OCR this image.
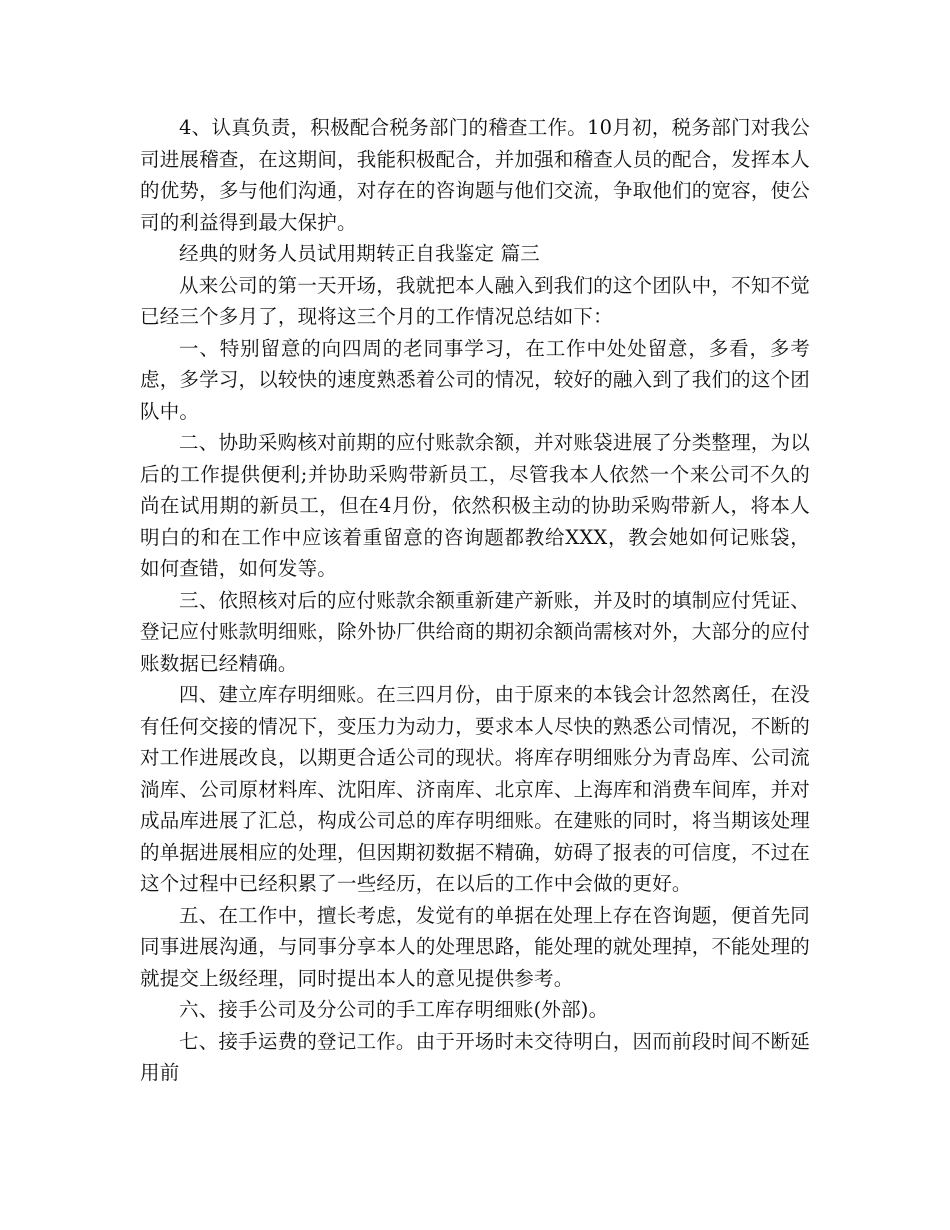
4、认真负责，积极配合税务部门的稽查工作。10月初，税务部门对我公司进展稽查，在这期间，我能积极配合，并加强和稽查人员的配合，发挥本人的优势，多与他们沟通，对存在的咨询题与他们交流，争取他们的宽容，使公司的利益得到最大保护。

经典的财务人员试用期转正自我鉴定 篇三

从来公司的第一天开场，我就把本人融入到我们的这个团队中，不知不觉已经三个多月了，现将这三个月的工作情况总结如下：

一、特别留意的向四周的老同事学习，在工作中处处留意，多看，多考虑，多学习，以较快的速度熟悉着公司的情况，较好的融入到了我们的这个团队中。

二、协助采购核对前期的应付账款余额，并对账袋进展了分类整理，为以后的工作提供便利;并协助采购带新员工，尽管我本人依然一个来公司不久的尚在试用期的新员工，但在4月份，依然积极主动的协助采购带新人，将本人明白的和在工作中应该着重留意的咨询题都教给XXX，教会她如何记账袋，如何查错，如何发等。

三、依照核对后的应付账款余额重新建产新账，并及时的填制应付凭证、登记应付账款明细账，除外协厂供给商的期初余额尚需核对外，大部分的应付账数据已经精确。

四、建立库存明细账。在三四月份，由于原来的本钱会计忽然离任，在没有任何交接的情况下，变压力为动力，要求本人尽快的熟悉公司情况，不断的对工作进展改良，以期更合适公司的现状。将库存明细账分为青岛库、公司流淌库、公司原材料库、沈阳库、济南库、北京库、上海库和消费车间库，并对成品库进展了汇总，构成公司总的库存明细账。在建账的同时，将当期该处理的单据进展相应的处理，但因期初数据不精确，妨碍了报表的可信度，不过在这个过程中已经积累了一些经历，在以后的工作中会做的更好。

五、在工作中，擅长考虑，发觉有的单据在处理上存在咨询题，便首先同同事进展沟通，与同事分享本人的处理思路，能处理的就处理掉，不能处理的就提交上级经理，同时提出本人的意见提供参考。

六、接手公司及分公司的手工库存明细账(外部)。

七、接手运费的登记工作。由于开场时未交待明白，因而前段时间不断延用前
